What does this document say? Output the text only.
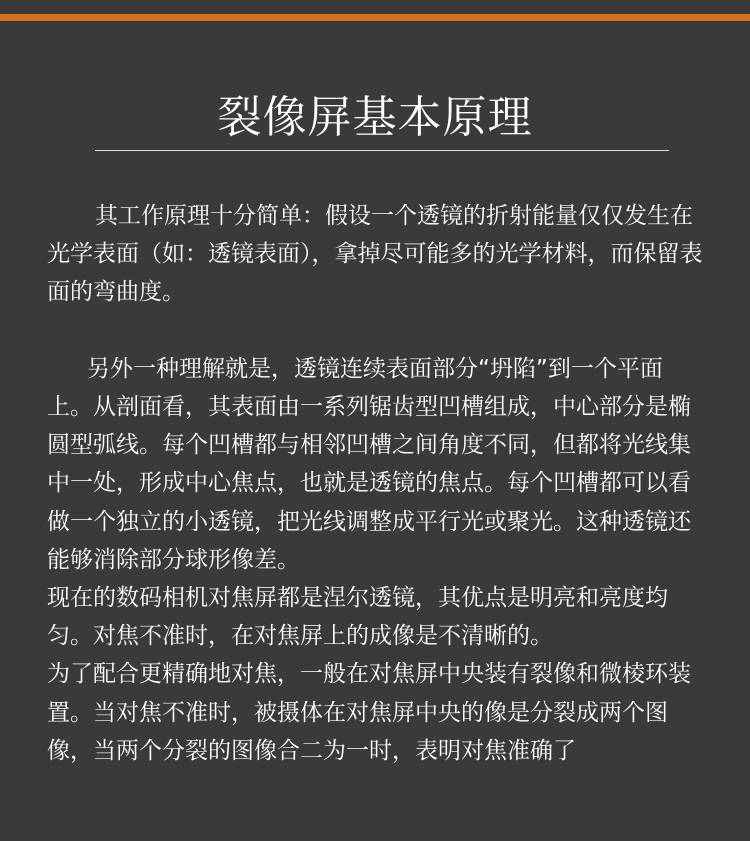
裂像屏基本原理

其工作原理十分简单：假设一个透镜的折射能量仅仅发生在光学表面（如：透镜表面），拿掉尽可能多的光学材料，而保留表面的弯曲度。

另外一种理解就是，透镜连续表面部分“坍陷”到一个平面上。从剖面看，其表面由一系列锯齿型凹槽组成，中心部分是椭圆型弧线。每个凹槽都与相邻凹槽之间角度不同，但都将光线集中一处，形成中心焦点，也就是透镜的焦点。每个凹槽都可以看做一个独立的小透镜，把光线调整成平行光或聚光。这种透镜还能够消除部分球形像差。

现在的数码相机对焦屏都是涅尔透镜，其优点是明亮和亮度均匀。对焦不准时，在对焦屏上的成像是不清晰的。

为了配合更精确地对焦，一般在对焦屏中央装有裂像和微棱环装置。当对焦不准时，被摄体在对焦屏中央的像是分裂成两个图像，当两个分裂的图像合二为一时，表明对焦准确了
